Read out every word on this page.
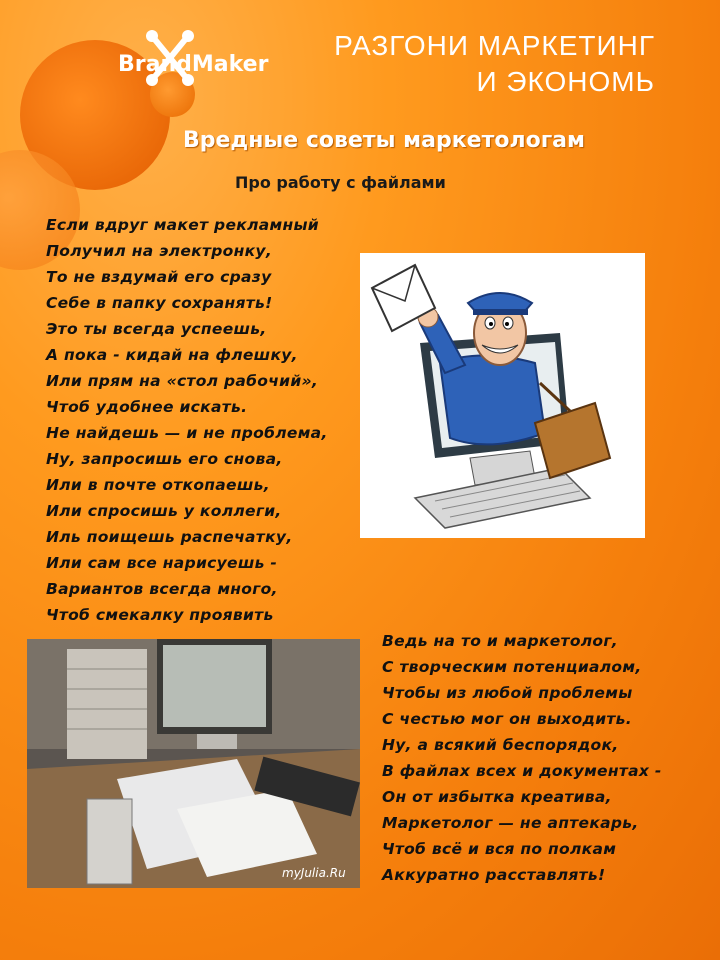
BrandMaker
РАЗГОНИ МАРКЕТИНГ
И ЭКОНОМЬ
Вредные советы маркетологам
Про работу с файлами
Если вдруг макет рекламный
Получил на электронку,
То не вздумай его сразу
Себе в папку сохранять!
Это ты всегда успеешь,
А пока - кидай на флешку,
Или прям на «стол рабочий»,
Чтоб удобнее искать.
Не найдешь — и не проблема,
Ну, запросишь его снова,
Или в почте откопаешь,
Или спросишь у коллеги,
Иль поищешь распечатку,
Или сам все нарисуешь -
Вариантов всегда много,
Чтоб смекалку проявить
myJulia.Ru
Ведь на то и маркетолог,
С творческим потенциалом,
Чтобы из любой проблемы
С честью мог он выходить.
Ну, а всякий беспорядок,
В файлах всех и документах -
Он от избытка креатива,
Маркетолог — не аптекарь,
Чтоб всё и вся по полкам
Аккуратно расставлять!
